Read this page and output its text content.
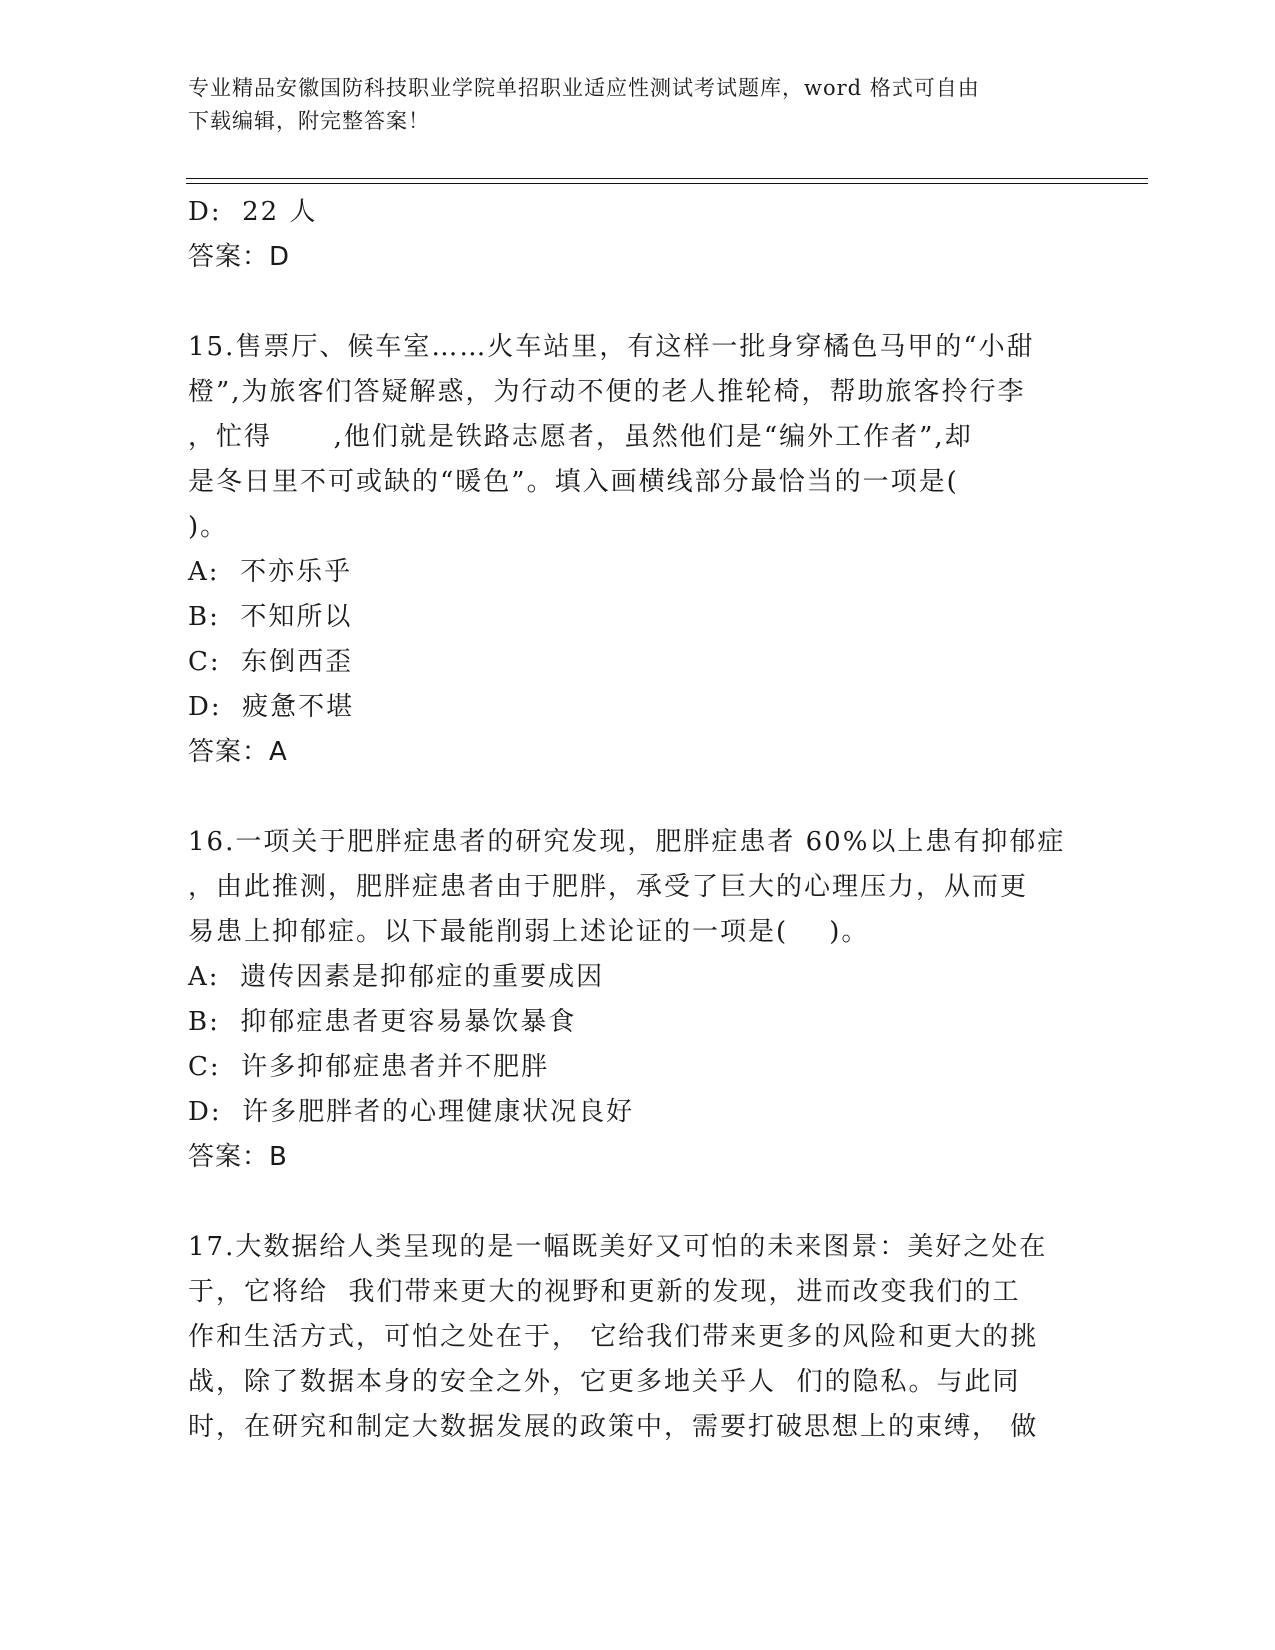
专业精品安徽国防科技职业学院单招职业适应性测试考试题库，word 格式可自由
下载编辑，附完整答案！
D:  22 人
答案：D
15.售票厅、候车室……火车站里，有这样一批身穿橘色马甲的“小甜
橙”,为旅客们答疑解惑，为行动不便的老人推轮椅，帮助旅客拎行李
，忙得      ,他们就是铁路志愿者，虽然他们是“编外工作者”,却
是冬日里不可或缺的“暖色”。填入画横线部分最恰当的一项是(
)。
A:  不亦乐乎
B:  不知所以
C:  东倒西歪
D:  疲惫不堪
答案：A
16.一项关于肥胖症患者的研究发现，肥胖症患者 60%以上患有抑郁症
，由此推测，肥胖症患者由于肥胖，承受了巨大的心理压力，从而更
易患上抑郁症。以下最能削弱上述论证的一项是(    )。
A:  遗传因素是抑郁症的重要成因
B:  抑郁症患者更容易暴饮暴食
C:  许多抑郁症患者并不肥胖
D:  许多肥胖者的心理健康状况良好
答案：B
17.大数据给人类呈现的是一幅既美好又可怕的未来图景：美好之处在
于，它将给  我们带来更大的视野和更新的发现，进而改变我们的工
作和生活方式，可怕之处在于， 它给我们带来更多的风险和更大的挑
战，除了数据本身的安全之外，它更多地关乎人  们的隐私。与此同
时，在研究和制定大数据发展的政策中，需要打破思想上的束缚， 做
